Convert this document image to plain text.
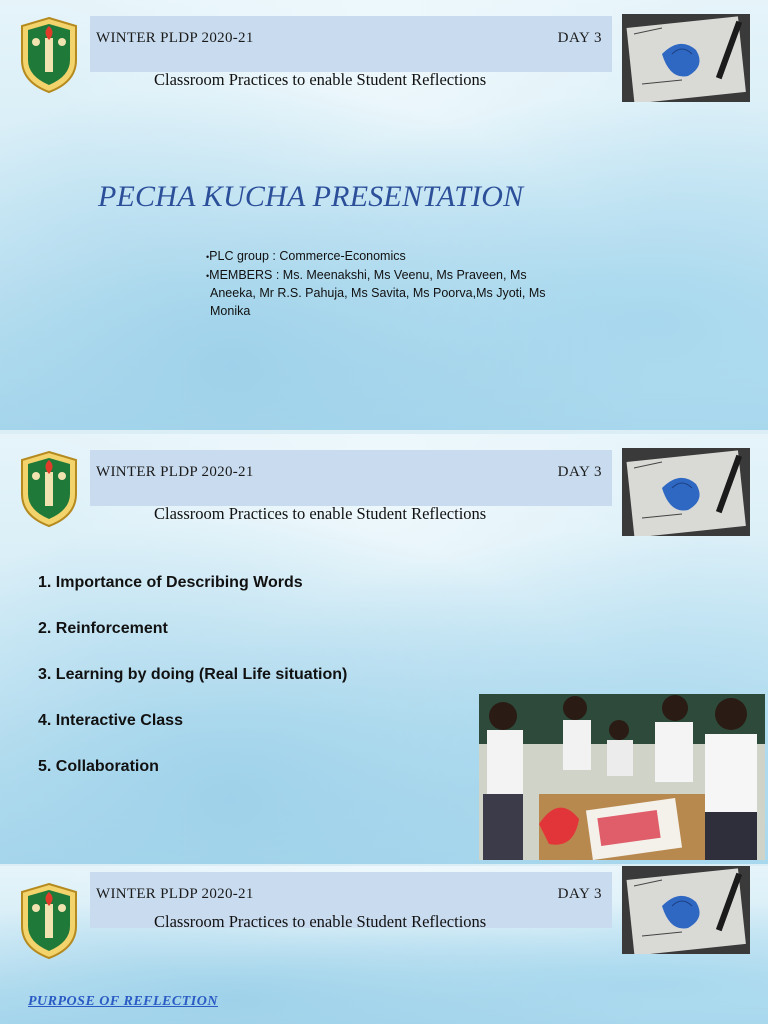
WINTER PLDP 2020-21	DAY 3
Classroom Practices to enable Student Reflections
PECHA KUCHA PRESENTATION
•PLC group : Commerce-Economics
•MEMBERS : Ms. Meenakshi, Ms Veenu, Ms Praveen, Ms
Aneeka, Mr R.S. Pahuja, Ms Savita, Ms Poorva,Ms Jyoti, Ms
Monika
WINTER PLDP 2020-21	DAY 3
Classroom Practices to enable Student Reflections
1. Importance of Describing Words
2. Reinforcement
3. Learning by doing (Real Life situation)
4. Interactive Class
5. Collaboration
WINTER PLDP 2020-21	DAY 3
Classroom Practices to enable Student Reflections
PURPOSE OF REFLECTION
